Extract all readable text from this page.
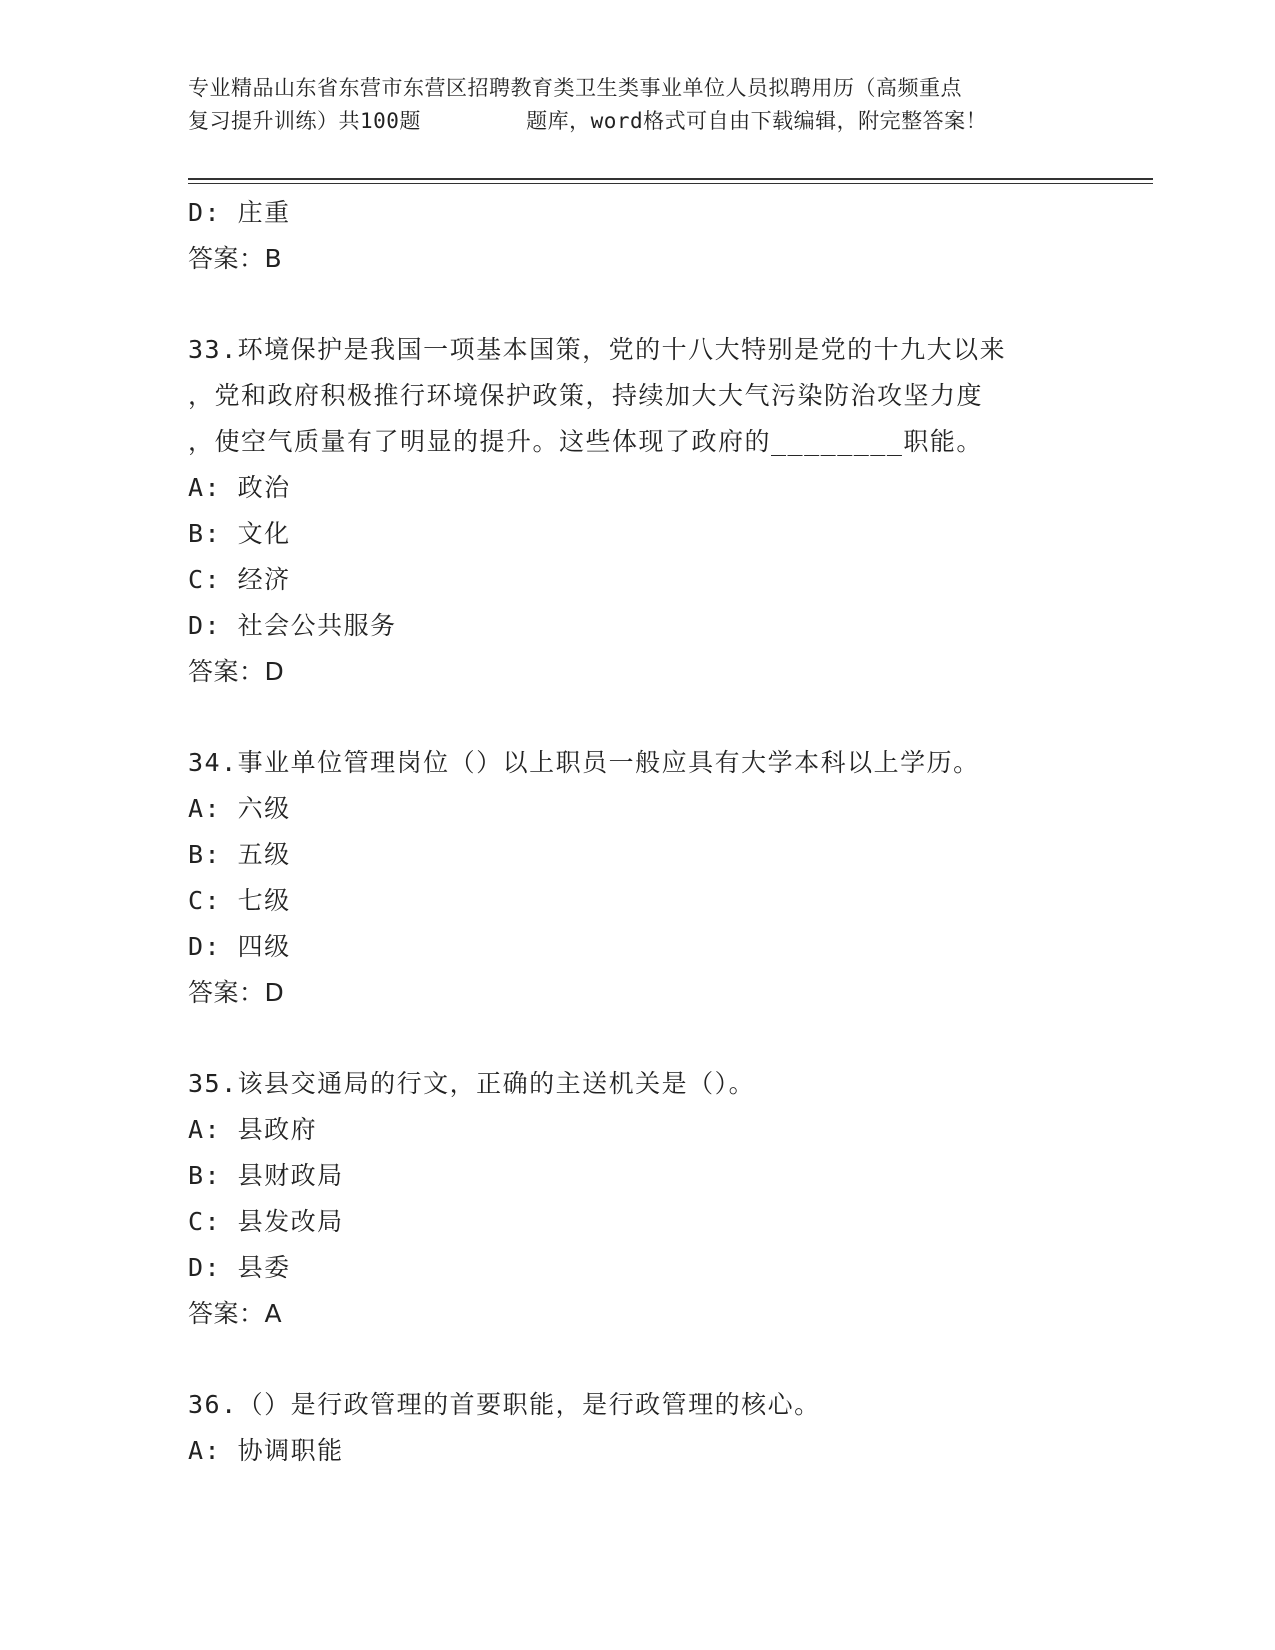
专业精品山东省东营市东营区招聘教育类卫生类事业单位人员拟聘用历（高频重点
复习提升训练）共100题        题库，word格式可自由下载编辑，附完整答案！
D: 庄重
答案：B
33.环境保护是我国一项基本国策，党的十八大特别是党的十九大以来
，党和政府积极推行环境保护政策，持续加大大气污染防治攻坚力度
，使空气质量有了明显的提升。这些体现了政府的________职能。
A: 政治
B: 文化
C: 经济
D: 社会公共服务
答案：D
34.事业单位管理岗位（）以上职员一般应具有大学本科以上学历。
A: 六级
B: 五级
C: 七级
D: 四级
答案：D
35.该县交通局的行文，正确的主送机关是（）。
A: 县政府
B: 县财政局
C: 县发改局
D: 县委
答案：A
36.（）是行政管理的首要职能，是行政管理的核心。
A: 协调职能
